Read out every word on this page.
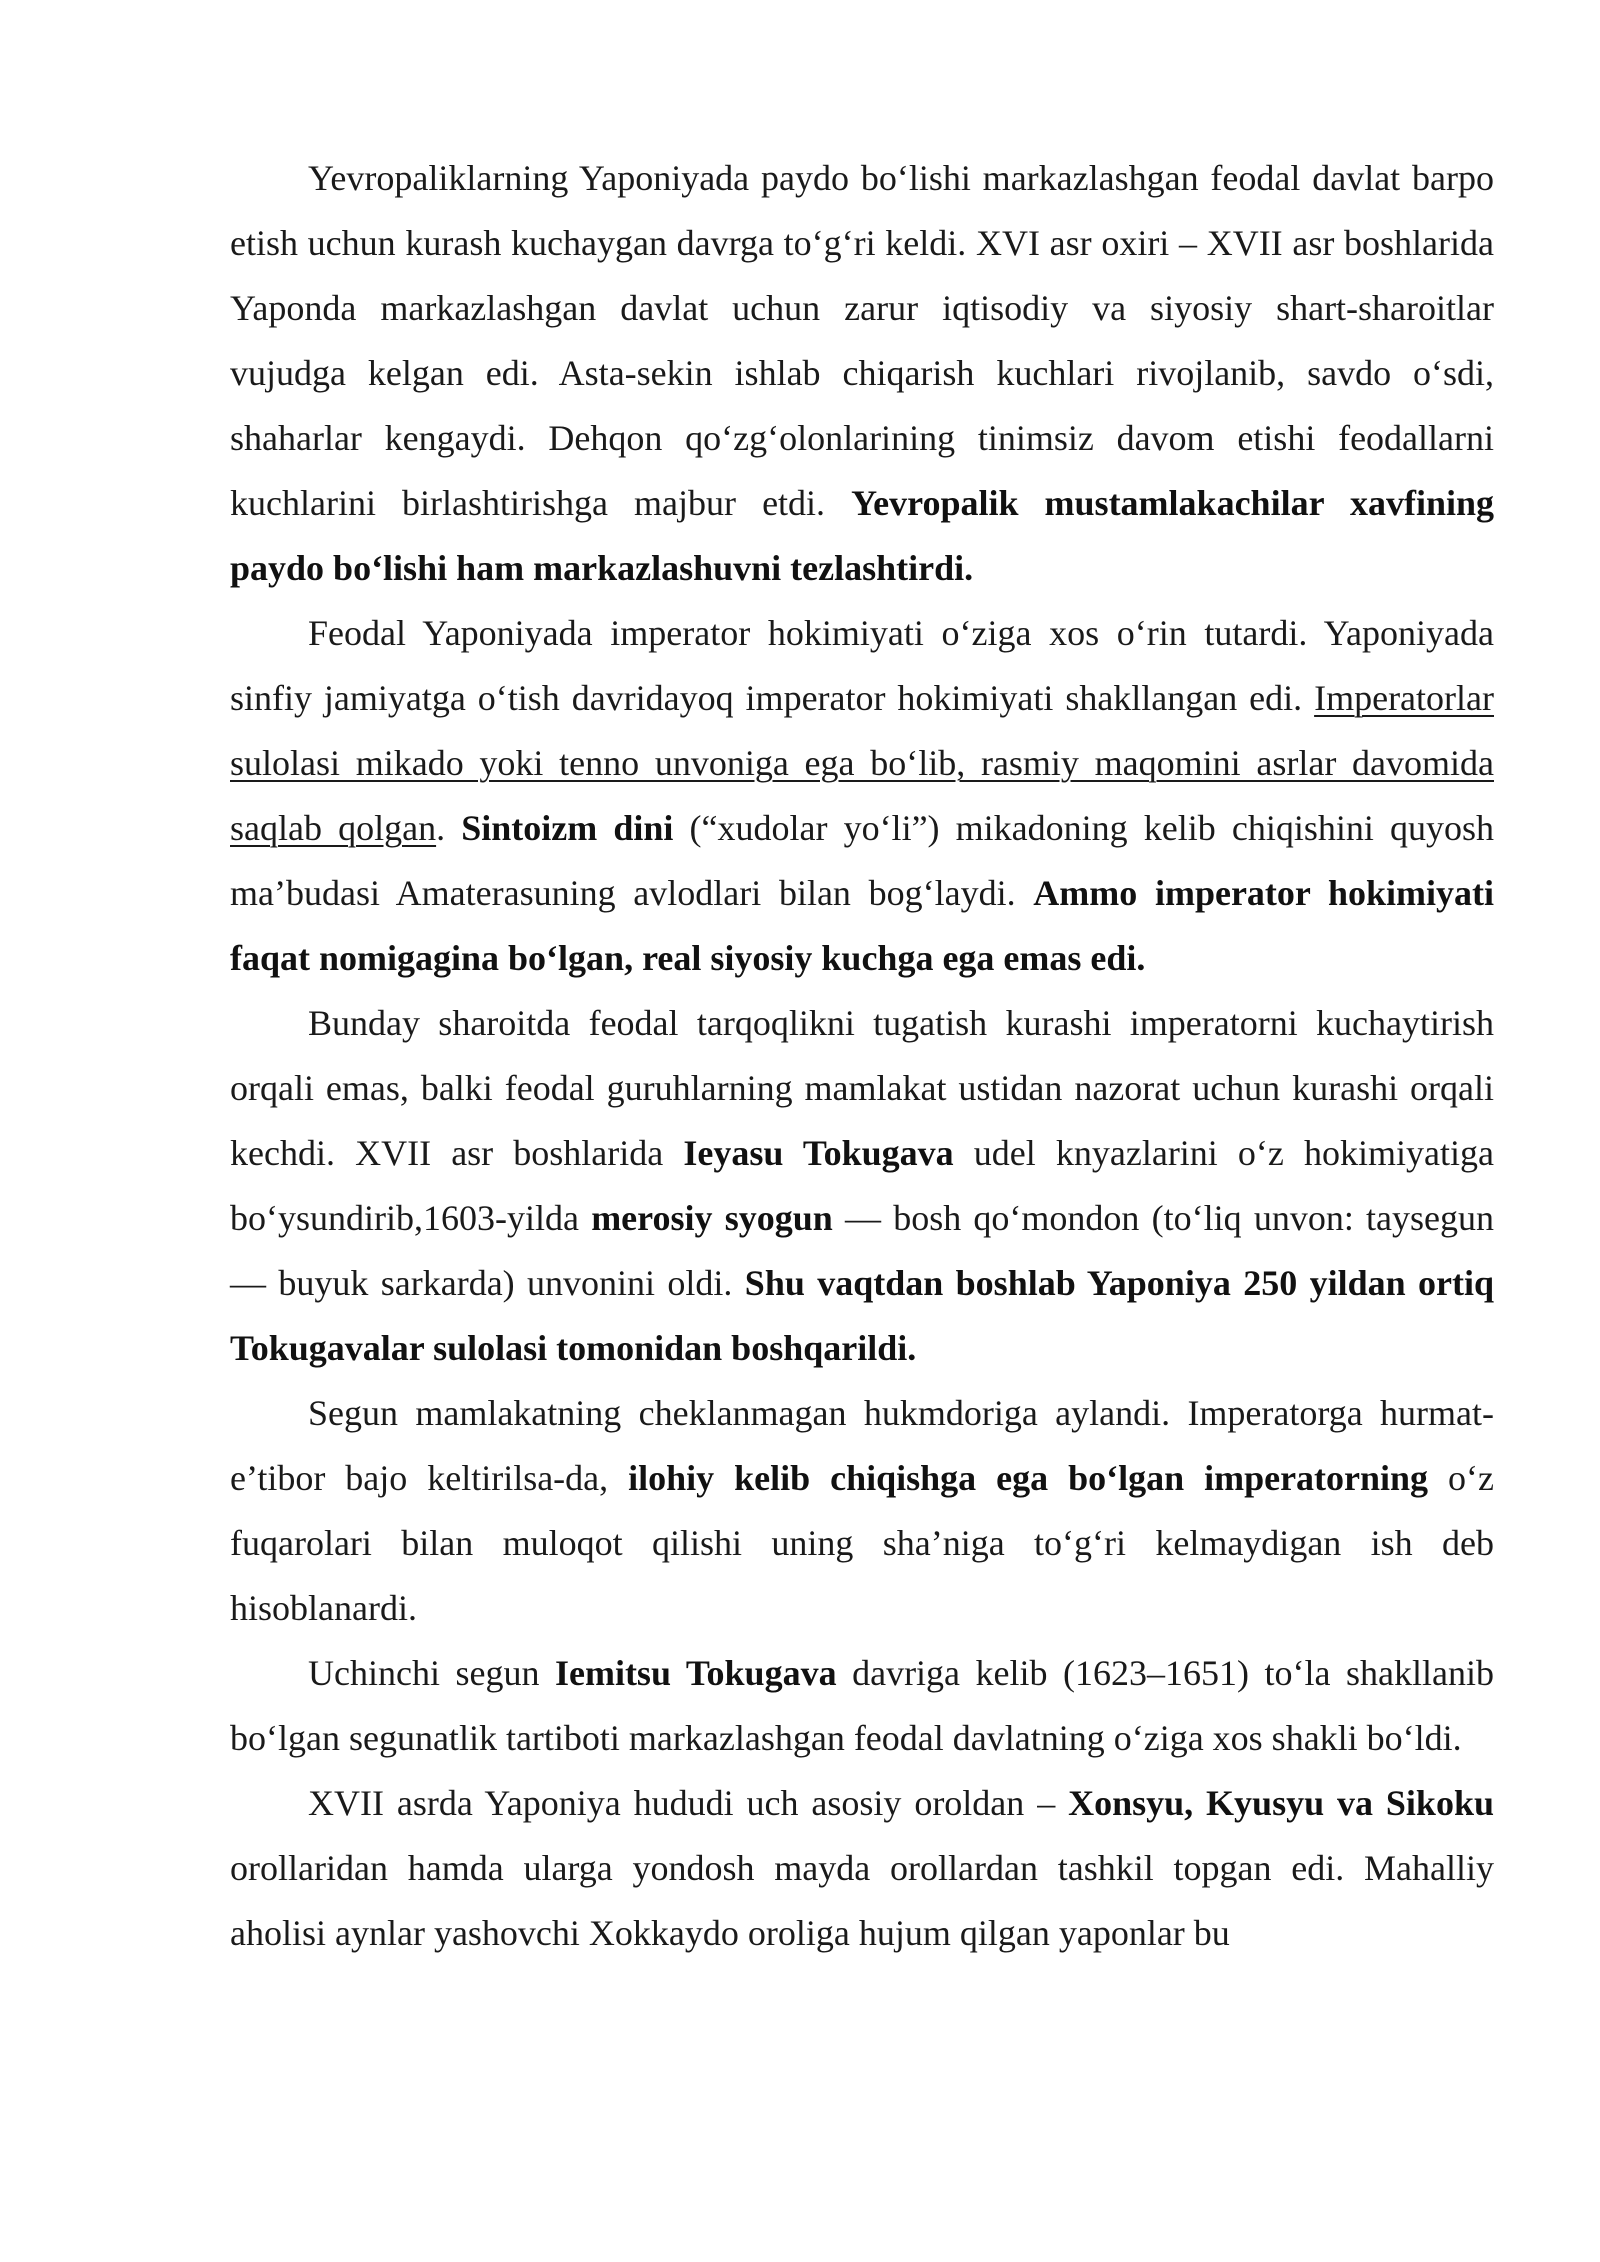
Yevropaliklarning Yaponiyada paydo bo‘lishi markazlashgan feodal davlat barpo etish uchun kurash kuchaygan davrga to‘g‘ri keldi. XVI asr oxiri – XVII asr boshlarida Yaponda markazlashgan davlat uchun zarur iqtisodiy va siyosiy shart-sharoitlar vujudga kelgan edi. Asta-sekin ishlab chiqarish kuchlari rivojlanib, savdo o‘sdi, shaharlar kengaydi. Dehqon qo‘zg‘olonlarining tinimsiz davom etishi feodallarni kuchlarini birlashtirishga majbur etdi. Yevropalik mustamlakachilar xavfining paydo bo‘lishi ham markazlashuvni tezlashtirdi.

Feodal Yaponiyada imperator hokimiyati o‘ziga xos o‘rin tutardi. Yaponiyada sinfiy jamiyatga o‘tish davridayoq imperator hokimiyati shakllangan edi. Imperatorlar sulolasi mikado yoki tenno unvoniga ega bo‘lib, rasmiy maqomini asrlar davomida saqlab qolgan. Sintoizm dini (“xudolar yo‘li”) mikadoning kelib chiqishini quyosh ma’budasi Amaterasuning avlodlari bilan bog‘laydi. Ammo imperator hokimiyati faqat nomigagina bo‘lgan, real siyosiy kuchga ega emas edi.

Bunday sharoitda feodal tarqoqlikni tugatish kurashi imperatorni kuchaytirish orqali emas, balki feodal guruhlarning mamlakat ustidan nazorat uchun kurashi orqali kechdi. XVII asr boshlarida Ieyasu Tokugava udel knyazlarini o‘z hokimiyatiga bo‘ysundirib,1603-yilda merosiy syogun — bosh qo‘mondon (to‘liq unvon: taysegun — buyuk sarkarda) unvonini oldi. Shu vaqtdan boshlab Yaponiya 250 yildan ortiq Tokugavalar sulolasi tomonidan boshqarildi.

Segun mamlakatning cheklanmagan hukmdoriga aylandi. Imperatorga hurmat-e’tibor bajo keltirilsa-da, ilohiy kelib chiqishga ega bo‘lgan imperatorning o‘z fuqarolari bilan muloqot qilishi uning sha’niga to‘g‘ri kelmaydigan ish deb hisoblanardi.

Uchinchi segun Iemitsu Tokugava davriga kelib (1623–1651) to‘la shakllanib bo‘lgan segunatlik tartiboti markazlashgan feodal davlatning o‘ziga xos shakli bo‘ldi.

XVII asrda Yaponiya hududi uch asosiy oroldan – Xonsyu, Kyusyu va Sikoku orollaridan hamda ularga yondosh mayda orollardan tashkil topgan edi. Mahalliy aholisi aynlar yashovchi Xokkaydo oroliga hujum qilgan yaponlar bu
